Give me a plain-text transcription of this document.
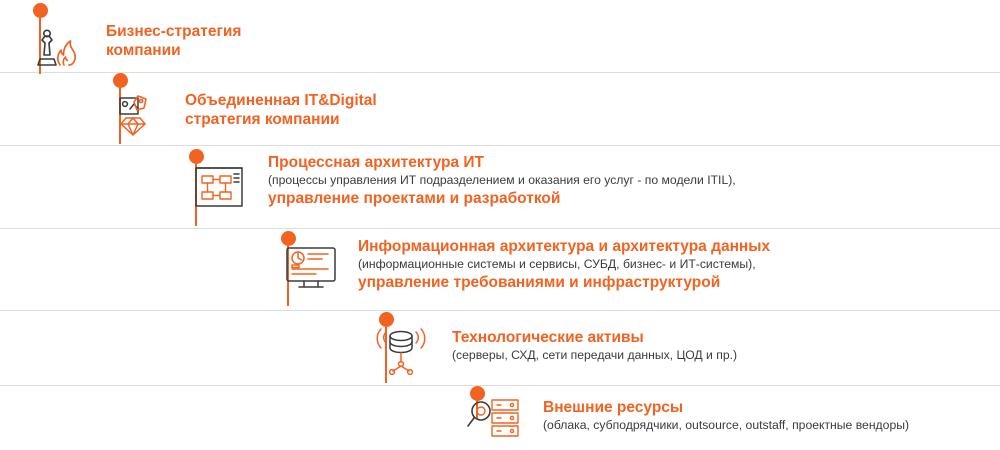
Бизнес-стратегия
компании
Объединенная IT&Digital
стратегия компании
Процессная архитектура ИТ
(процессы управления ИТ подразделением и оказания его услуг - по модели ITIL),
управление проектами и разработкой
Информационная архитектура и архитектура данных
(информационные системы и сервисы, СУБД, бизнес- и ИТ-системы),
управление требованиями и инфраструктурой
Технологические активы
(серверы, СХД, сети передачи данных, ЦОД и пр.)
Внешние ресурсы
(облака, субподрядчики, outsource, outstaff, проектные вендоры)
